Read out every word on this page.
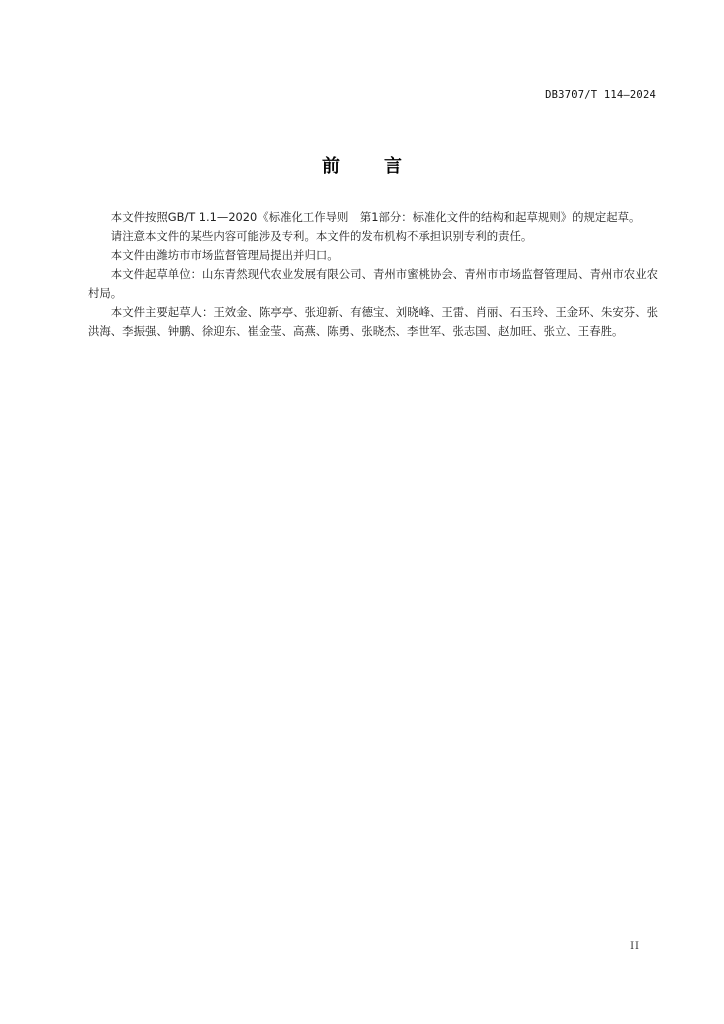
DB3707/T 114—2024
前 言

本文件按照GB/T 1.1—2020《标准化工作导则　第1部分：标准化文件的结构和起草规则》的规定起草。

请注意本文件的某些内容可能涉及专利。本文件的发布机构不承担识别专利的责任。

本文件由潍坊市市场监督管理局提出并归口。

本文件起草单位：山东青然现代农业发展有限公司、青州市蜜桃协会、青州市市场监督管理局、青州市农业农村局。

本文件主要起草人：王效金、陈亭亭、张迎新、有德宝、刘晓峰、王雷、肖丽、石玉玲、王金环、朱安芬、张洪海、李振强、钟鹏、徐迎东、崔金莹、高燕、陈勇、张晓杰、李世军、张志国、赵加旺、张立、王春胜。

II
